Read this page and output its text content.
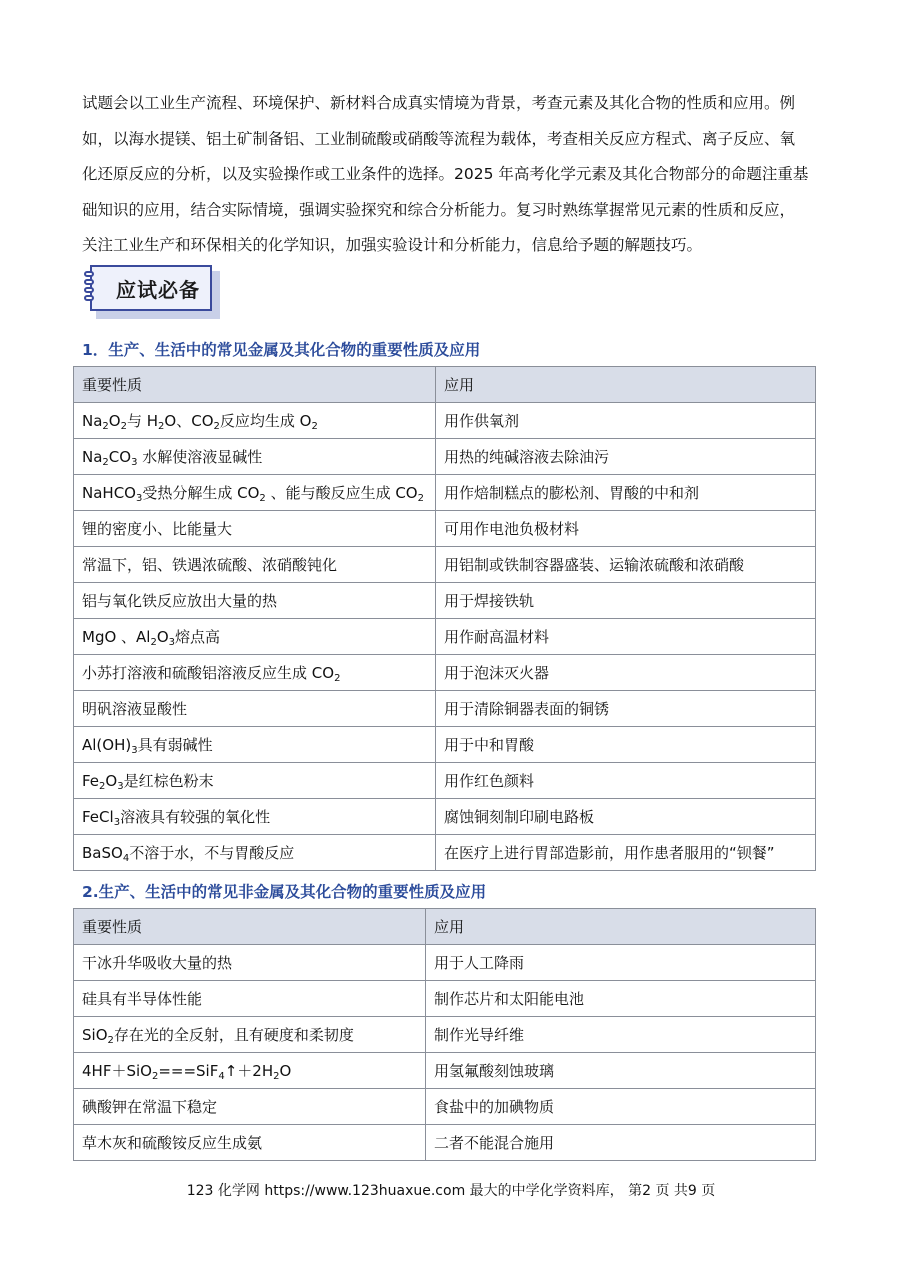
试题会以工业生产流程、环境保护、新材料合成真实情境为背景，考查元素及其化合物的性质和应用。例
如，以海水提镁、铝土矿制备铝、工业制硫酸或硝酸等流程为载体，考查相关反应方程式、离子反应、氧
化还原反应的分析，以及实验操作或工业条件的选择。2025 年高考化学元素及其化合物部分的命题注重基
础知识的应用，结合实际情境，强调实验探究和综合分析能力。复习时熟练掌握常见元素的性质和反应，
关注工业生产和环保相关的化学知识，加强实验设计和分析能力，信息给予题的解题技巧。
应试必备
1．生产、生活中的常见金属及其化合物的重要性质及应用
重要性质	应用
$Na_2O_2$与 $H_2O$、$CO_2$反应均生成 $O_2$	用作供氧剂
$Na_2CO_3$ 水解使溶液显碱性	用热的纯碱溶液去除油污
NaHCO$_3$受热分解生成 $CO_2$ 、能与酸反应生成 $CO_2$	用作焙制糕点的膨松剂、胃酸的中和剂
锂的密度小、比能量大	可用作电池负极材料
常温下，铝、铁遇浓硫酸、浓硝酸钝化	用铝制或铁制容器盛装、运输浓硫酸和浓硝酸
铝与氧化铁反应放出大量的热	用于焊接铁轨
MgO 、$Al_2O_3$熔点高	用作耐高温材料
小苏打溶液和硫酸铝溶液反应生成 $CO_2$	用于泡沫灭火器
明矾溶液显酸性	用于清除铜器表面的铜锈
$Al(OH)_3$具有弱碱性	用于中和胃酸
$Fe_2O_3$是红棕色粉末	用作红色颜料
FeCl$_3$溶液具有较强的氧化性	腐蚀铜刻制印刷电路板
BaSO$_4$不溶于水，不与胃酸反应	在医疗上进行胃部造影前，用作患者服用的“钡餐”
2.生产、生活中的常见非金属及其化合物的重要性质及应用
重要性质	应用
干冰升华吸收大量的热	用于人工降雨
硅具有半导体性能	制作芯片和太阳能电池
SiO$_2$存在光的全反射，且有硬度和柔韧度	制作光导纤维
$4HF+SiO_2===SiF_4↑+2H_2O$	用氢氟酸刻蚀玻璃
碘酸钾在常温下稳定	食盐中的加碘物质
草木灰和硫酸铵反应生成氨	二者不能混合施用
123 化学网 https://www.123huaxue.com 最大的中学化学资料库， 第2 页 共9 页
